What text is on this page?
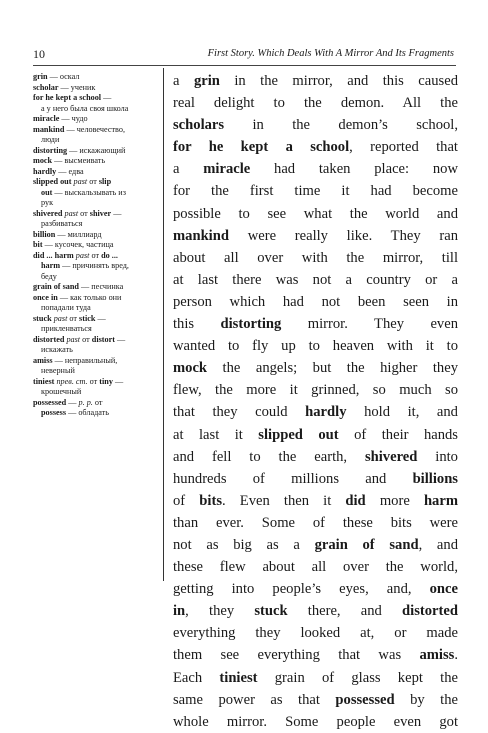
10	First Story. Which Deals With A Mirror And Its Fragments

grin — оскал

scholar — ученик

for he kept a school —

а у него была своя школа

miracle — чудо

mankind — человечество,

люди

distorting — искажающий

mock — высмеивать

hardly — едва

slipped out past от slip

out — выскальзывать из

рук

shivered past от shiver —

разбиваться

billion — миллиард

bit — кусочек, частица

did ... harm past от do ...

harm — причинять вред,

беду

grain of sand — песчинка

once in — как только они

попадали туда

stuck past от stick —

прикленваться

distorted past от distort —

искажать

amiss — неправильный,

неверный

tiniest прев. ст. от tiny —

крошечный

possessed — p. p. от

possess — обладать

a grin in the mirror, and this caused
real delight to the demon. All the
scholars in the demon’s school,
for he kept a school, reported that
a miracle had taken place: now
for the first time it had become
possible to see what the world and
mankind were really like. They ran
about all over with the mirror, till
at last there was not a country or a
person which had not been seen in
this distorting mirror. They even
wanted to fly up to heaven with it to
mock the angels; but the higher they
flew, the more it grinned, so much so
that they could hardly hold it, and
at last it slipped out of their hands
and fell to the earth, shivered into
hundreds of millions and billions
of bits. Even then it did more harm
than ever. Some of these bits were
not as big as a grain of sand, and
these flew about all over the world,
getting into people’s eyes, and, once
in, they stuck there, and distorted
everything they looked at, or made
them see everything that was amiss.
Each tiniest grain of glass kept the
same power as that possessed by the
whole mirror. Some people even got
